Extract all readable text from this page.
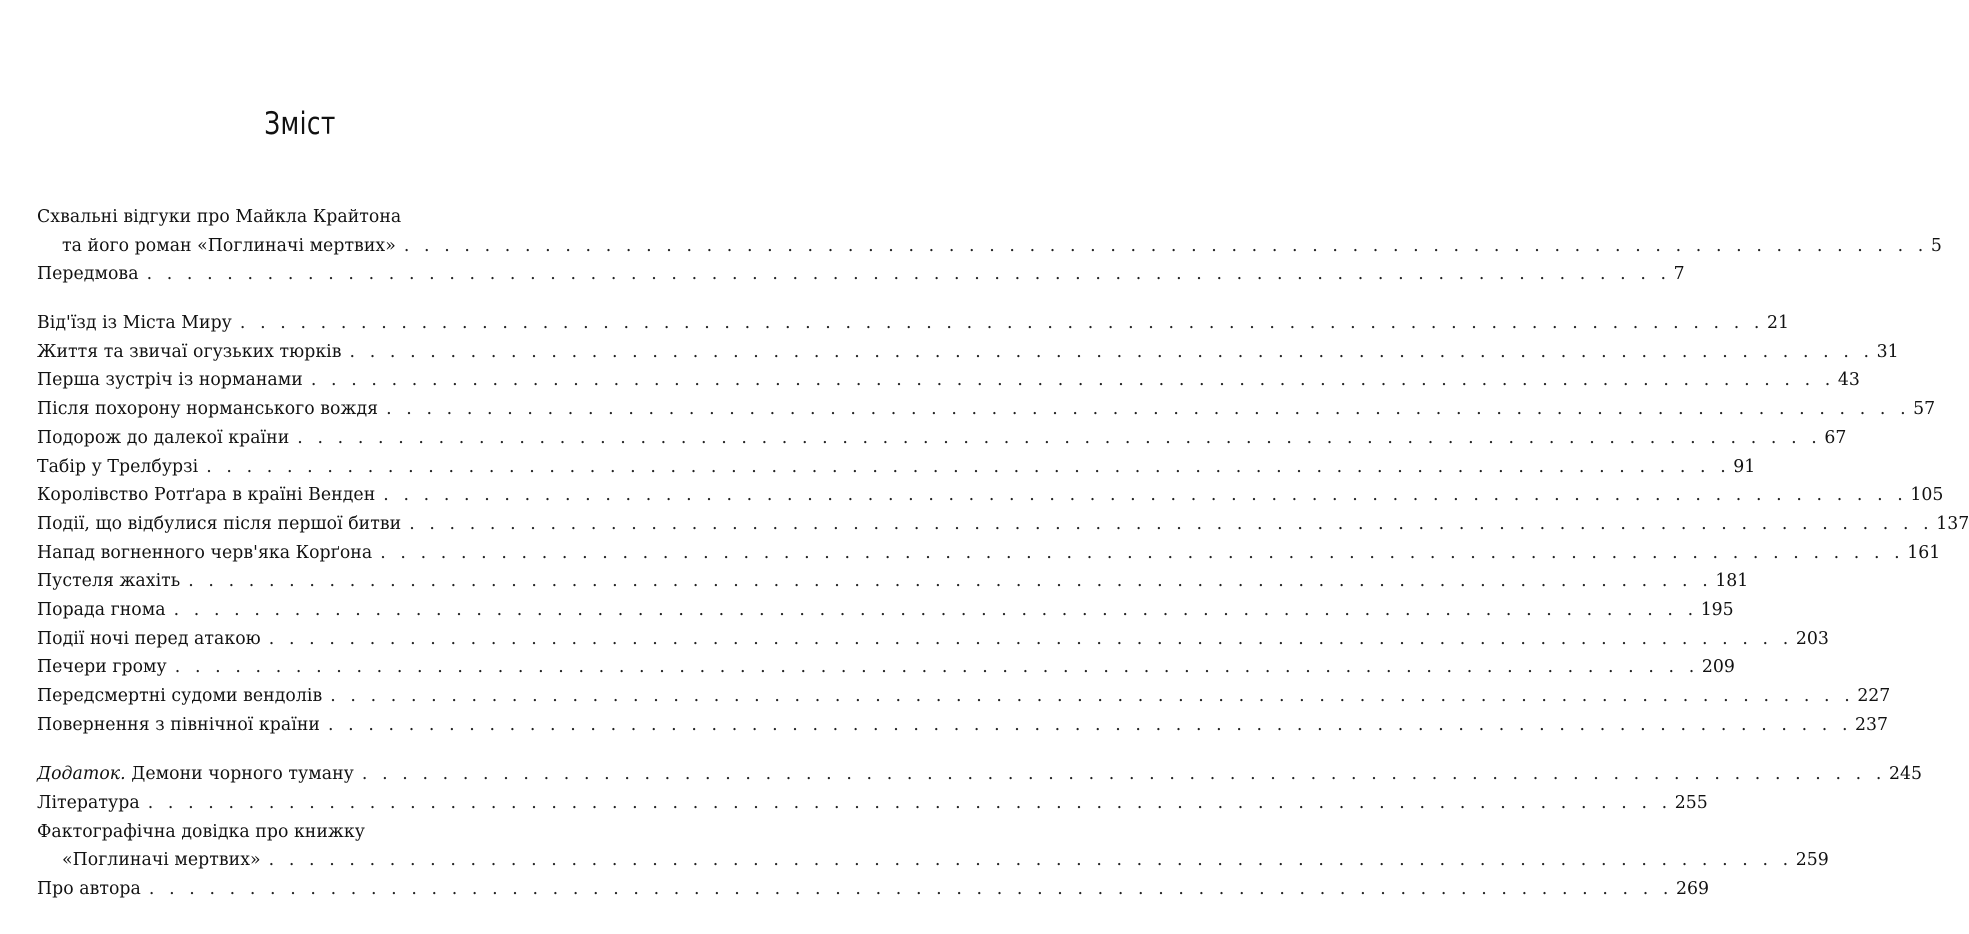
Зміст
Схвальні відгуки про Майкла Крайтона
та його роман «Поглиначі мертвих» . . . . . . . . . . . . . . . . . . . . . . . . . . . . . . . . . . . . . . . . . . . . . . . . . . . . . . . . . . . . . . . . . . . . . . . . . . . . 5
Передмова . . . . . . . . . . . . . . . . . . . . . . . . . . . . . . . . . . . . . . . . . . . . . . . . . . . . . . . . . . . . . . . . . . . . . . . . . . . . 7
Від'їзд із Міста Миру . . . . . . . . . . . . . . . . . . . . . . . . . . . . . . . . . . . . . . . . . . . . . . . . . . . . . . . . . . . . . . . . . . . . . . . . . . . . 21
Життя та звичаї огузьких тюрків . . . . . . . . . . . . . . . . . . . . . . . . . . . . . . . . . . . . . . . . . . . . . . . . . . . . . . . . . . . . . . . . . . . . . . . . . . . . 31
Перша зустріч із норманами . . . . . . . . . . . . . . . . . . . . . . . . . . . . . . . . . . . . . . . . . . . . . . . . . . . . . . . . . . . . . . . . . . . . . . . . . . . . 43
Після похорону норманського вождя . . . . . . . . . . . . . . . . . . . . . . . . . . . . . . . . . . . . . . . . . . . . . . . . . . . . . . . . . . . . . . . . . . . . . . . . . . . . 57
Подорож до далекої країни . . . . . . . . . . . . . . . . . . . . . . . . . . . . . . . . . . . . . . . . . . . . . . . . . . . . . . . . . . . . . . . . . . . . . . . . . . . . 67
Табір у Трелбурзі . . . . . . . . . . . . . . . . . . . . . . . . . . . . . . . . . . . . . . . . . . . . . . . . . . . . . . . . . . . . . . . . . . . . . . . . . . . . 91
Королівство Ротґара в країні Венден . . . . . . . . . . . . . . . . . . . . . . . . . . . . . . . . . . . . . . . . . . . . . . . . . . . . . . . . . . . . . . . . . . . . . . . . . . . . 105
Події, що відбулися після першої битви . . . . . . . . . . . . . . . . . . . . . . . . . . . . . . . . . . . . . . . . . . . . . . . . . . . . . . . . . . . . . . . . . . . . . . . . . . . . 137
Напад вогненного черв'яка Корґона . . . . . . . . . . . . . . . . . . . . . . . . . . . . . . . . . . . . . . . . . . . . . . . . . . . . . . . . . . . . . . . . . . . . . . . . . . . . 161
Пустеля жахіть . . . . . . . . . . . . . . . . . . . . . . . . . . . . . . . . . . . . . . . . . . . . . . . . . . . . . . . . . . . . . . . . . . . . . . . . . . . . 181
Порада гнома . . . . . . . . . . . . . . . . . . . . . . . . . . . . . . . . . . . . . . . . . . . . . . . . . . . . . . . . . . . . . . . . . . . . . . . . . . . . 195
Події ночі перед атакою . . . . . . . . . . . . . . . . . . . . . . . . . . . . . . . . . . . . . . . . . . . . . . . . . . . . . . . . . . . . . . . . . . . . . . . . . . . . 203
Печери грому . . . . . . . . . . . . . . . . . . . . . . . . . . . . . . . . . . . . . . . . . . . . . . . . . . . . . . . . . . . . . . . . . . . . . . . . . . . . 209
Передсмертні судоми вендолів . . . . . . . . . . . . . . . . . . . . . . . . . . . . . . . . . . . . . . . . . . . . . . . . . . . . . . . . . . . . . . . . . . . . . . . . . . . . 227
Повернення з північної країни . . . . . . . . . . . . . . . . . . . . . . . . . . . . . . . . . . . . . . . . . . . . . . . . . . . . . . . . . . . . . . . . . . . . . . . . . . . . 237
Додаток. Демони чорного туману . . . . . . . . . . . . . . . . . . . . . . . . . . . . . . . . . . . . . . . . . . . . . . . . . . . . . . . . . . . . . . . . . . . . . . . . . . . . 245
Література . . . . . . . . . . . . . . . . . . . . . . . . . . . . . . . . . . . . . . . . . . . . . . . . . . . . . . . . . . . . . . . . . . . . . . . . . . . . 255
Фактографічна довідка про книжку
«Поглиначі мертвих» . . . . . . . . . . . . . . . . . . . . . . . . . . . . . . . . . . . . . . . . . . . . . . . . . . . . . . . . . . . . . . . . . . . . . . . . . . . . 259
Про автора . . . . . . . . . . . . . . . . . . . . . . . . . . . . . . . . . . . . . . . . . . . . . . . . . . . . . . . . . . . . . . . . . . . . . . . . . . . . 269
